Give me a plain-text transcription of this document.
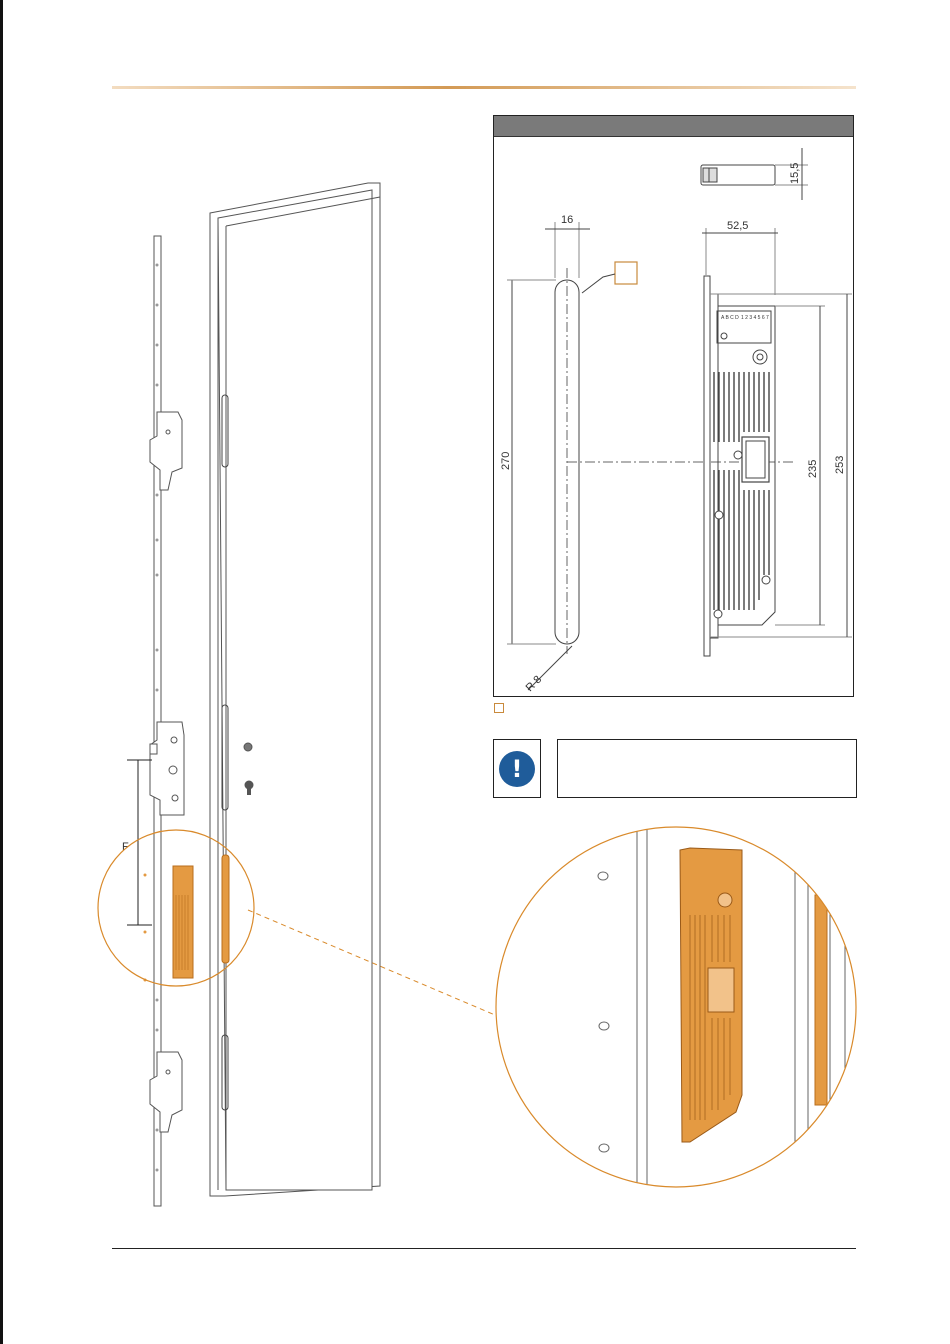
F
270
16
R 8
15,5
A B C D 1 2 3 4 5 6 7
52,5
235 253
!
